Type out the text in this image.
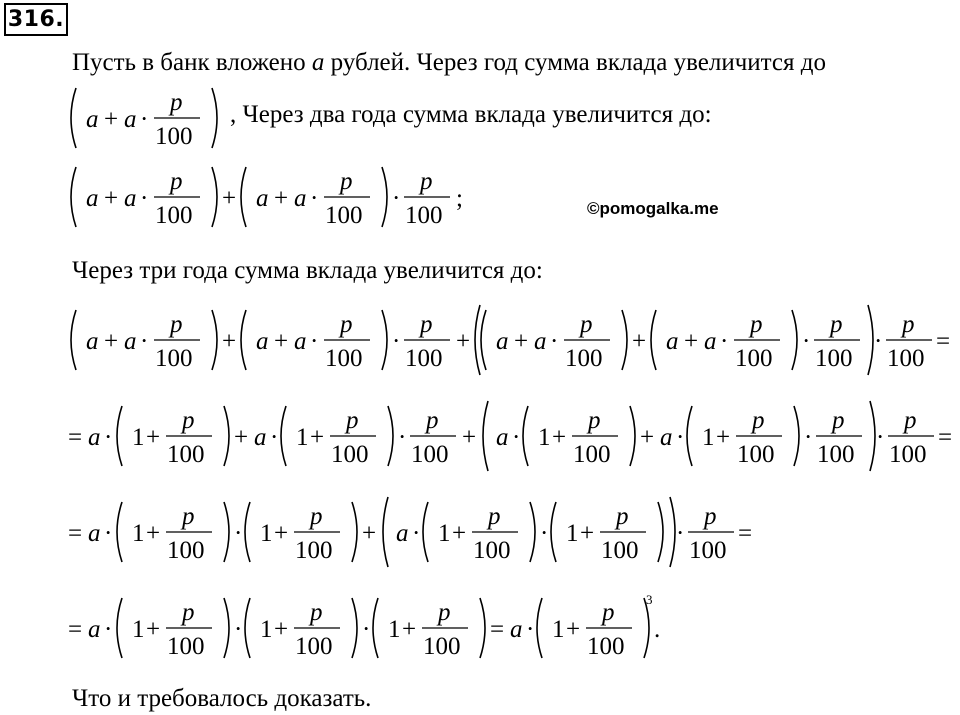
316.
Пусть в банк вложено a рублей. Через год сумма вклада увеличится до
, Через два года сумма вклада увеличится до:
Через три года сумма вклада увеличится до:
©pomogalka.me
Что и требовалось доказать.
a + a ·
p
100
a + a ·
p
100
+ a + a ·
p
100
·
p
100
;
a + a ·
p
100
+ a + a ·
p
100
·
p
100
+ a + a ·
p
100
+ a + a ·
p
100
·
p
100
·
p
100
=
= a · 1 +
p
100
+ a · 1 +
p
100
·
p
100
+ a · 1 +
p
100
+ a · 1 +
p
100
·
p
100
·
p
100
=
= a · 1 +
p
100
· 1 +
p
100
+ a · 1 +
p
100
· 1 +
p
100
·
p
100
=
= a · 1 +
p
100
· 1 +
p
100
· 1 +
p
100
= a · 1 +
p
100
3
.
